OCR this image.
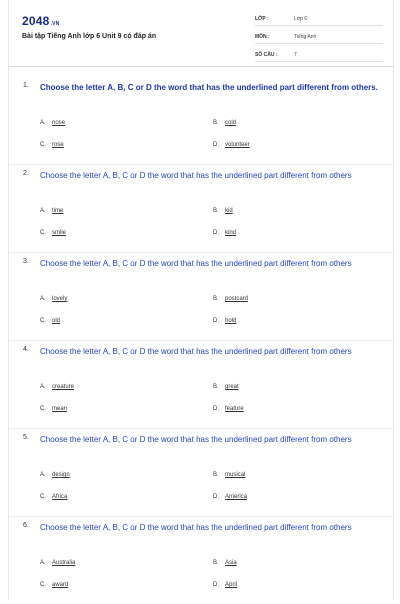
2048.VN
Bài tập Tiếng Anh lớp 6 Unit 9 có đáp án
LỚP :	Lớp 6
MÔN :	Tiếng Anh
SỐ CÂU :	7
1. Choose the letter A, B, C or D the word that has the underlined part different from others.
A. nose	B. cold
C. rose	D. volunteer
2. Choose the letter A, B, C or D the word that has the underlined part different from others
A. time	B. kid
C. smile	D. kind
3. Choose the letter A, B, C or D the word that has the underlined part different from others
A. lovely	B. postcard
C. old	D. hold
4. Choose the letter A, B, C or D the word that has the underlined part different from others
A. creature	B. great
C. mean	D. feature
5. Choose the letter A, B, C or D the word that has the underlined part different from others
A. design	B. musical
C. Africa	D. America
6. Choose the letter A, B, C or D the word that has the underlined part different from others
A. Australia	B. Asia
C. award	D. April
